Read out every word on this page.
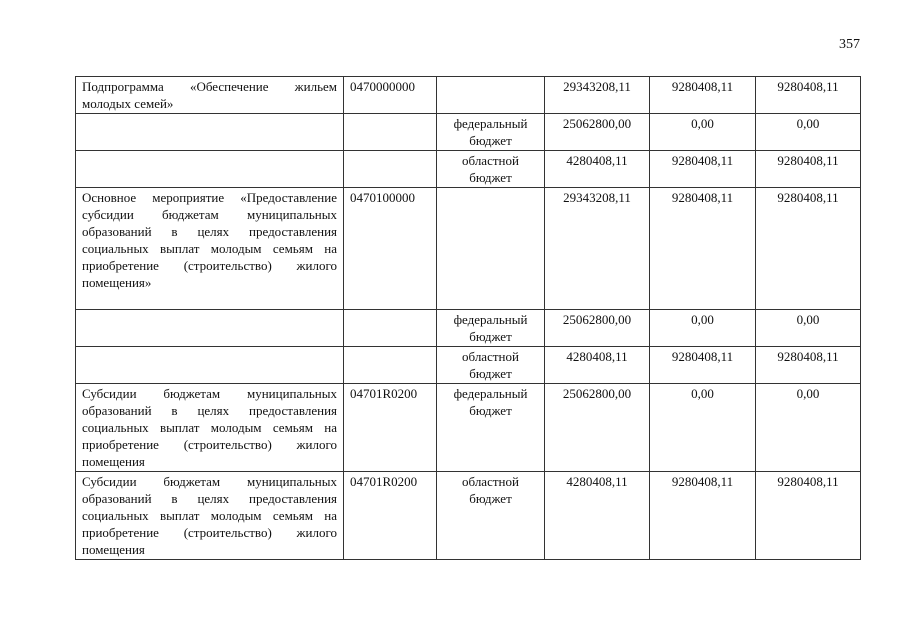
357
Подпрограмма «Обеспечение жильем молодых семей»	0470000000		29343208,11	9280408,11	9280408,11
		федеральный бюджет	25062800,00	0,00	0,00
		областной бюджет	4280408,11	9280408,11	9280408,11
Основное мероприятие «Предоставление субсидии бюджетам муниципальных образований в целях предоставления социальных выплат молодым семьям на приобретение (строительство) жилого помещения»	0470100000		29343208,11	9280408,11	9280408,11
		федеральный бюджет	25062800,00	0,00	0,00
		областной бюджет	4280408,11	9280408,11	9280408,11
Субсидии бюджетам муниципальных образований в целях предоставления социальных выплат молодым семьям на приобретение (строительство) жилого помещения	04701R0200	федеральный бюджет	25062800,00	0,00	0,00
Субсидии бюджетам муниципальных образований в целях предоставления социальных выплат молодым семьям на приобретение (строительство) жилого помещения	04701R0200	областной бюджет	4280408,11	9280408,11	9280408,11
